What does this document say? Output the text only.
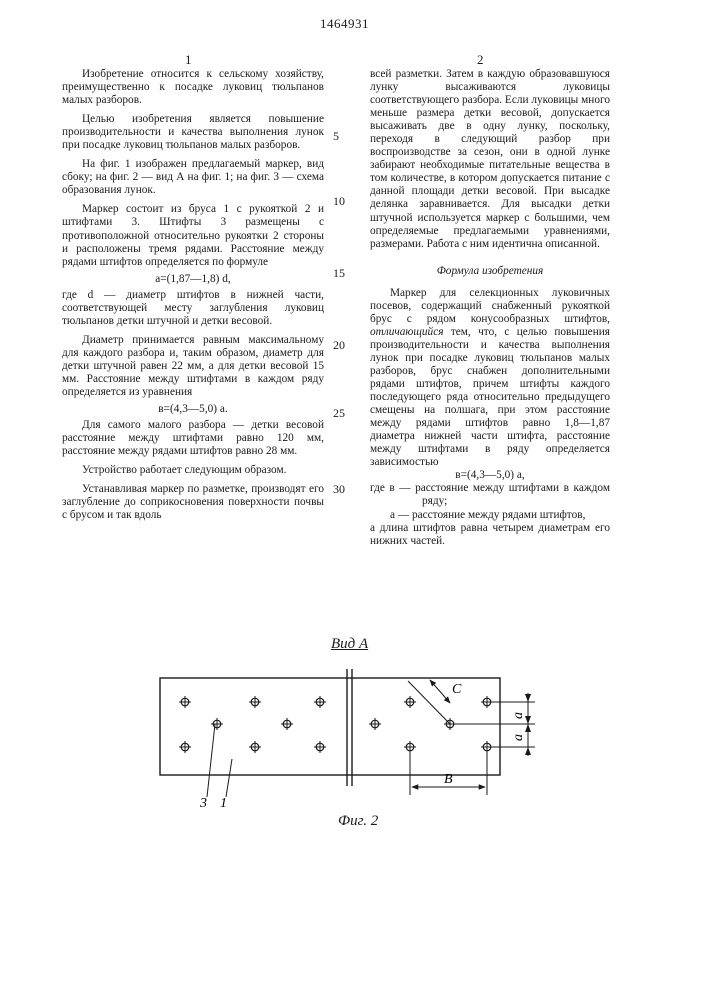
1464931
1	2

Изобретение относится к сельскому хозяйству, преимущественно к посадке луковиц тюльпанов малых разборов.

Целью изобретения является повышение производительности и качества выполнения лунок при посадке луковиц тюльпанов малых разборов.

На фиг. 1 изображен предлагаемый маркер, вид сбоку; на фиг. 2 — вид А на фиг. 1; на фиг. 3 — схема образования лунок.

Маркер состоит из бруса 1 с рукояткой 2 и штифтами 3. Штифты 3 размещены с противоположной относительно рукоятки 2 стороны и расположены тремя рядами. Расстояние между рядами штифтов определяется по формуле

a=(1,87—1,8) d,

где d — диаметр штифтов в нижней части, соответствующей месту заглубления луковиц тюльпанов детки штучной и детки весовой.

Диаметр принимается равным максимальному для каждого разбора и, таким образом, диаметр для детки штучной равен 22 мм, а для детки весовой 15 мм. Расстояние между штифтами в каждом ряду определяется из уравнения

в=(4,3—5,0) a.

Для самого малого разбора — детки весовой расстояние между штифтами равно 120 мм, расстояние между рядами штифтов равно 28 мм.

Устройство работает следующим образом.

Устанавливая маркер по разметке, производят его заглубление до соприкосновения поверхности почвы с брусом и так вдоль

5
10
15
20
25
30

всей разметки. Затем в каждую образовавшуюся лунку высаживаются луковицы соответствующего разбора. Если луковицы много меньше размера детки весовой, допускается высаживать две в одну лунку, поскольку, переходя в следующий разбор при воспроизводстве за сезон, они в одной лунке забирают необходимые питательные вещества в том количестве, в котором допускается питание с данной площади детки весовой. При высадке делянка заравнивается. Для высадки детки штучной используется маркер с большими, чем определяемые предлагаемыми уравнениями, размерами. Работа с ним идентична описанной.

Формула изобретения

Маркер для селекционных луковичных посевов, содержащий снабженный рукояткой брус с рядом конусообразных штифтов, отличающийся тем, что, с целью повышения производительности и качества выполнения лунок при посадке луковиц тюльпанов малых разборов, брус снабжен дополнительными рядами штифтов, причем штифты каждого последующего ряда относительно предыдущего смещены на полшага, при этом расстояние между рядами штифтов равно 1,8—1,87 диаметра нижней части штифта, расстояние между штифтами в ряду определяется зависимостью

в=(4,3—5,0) a,

где в — расстояние между штифтами в каждом ряду;

а — расстояние между рядами штифтов,

а длина штифтов равна четырем диаметрам его нижних частей.

Вид А
Фиг. 2
С
a
a
В
3 1
